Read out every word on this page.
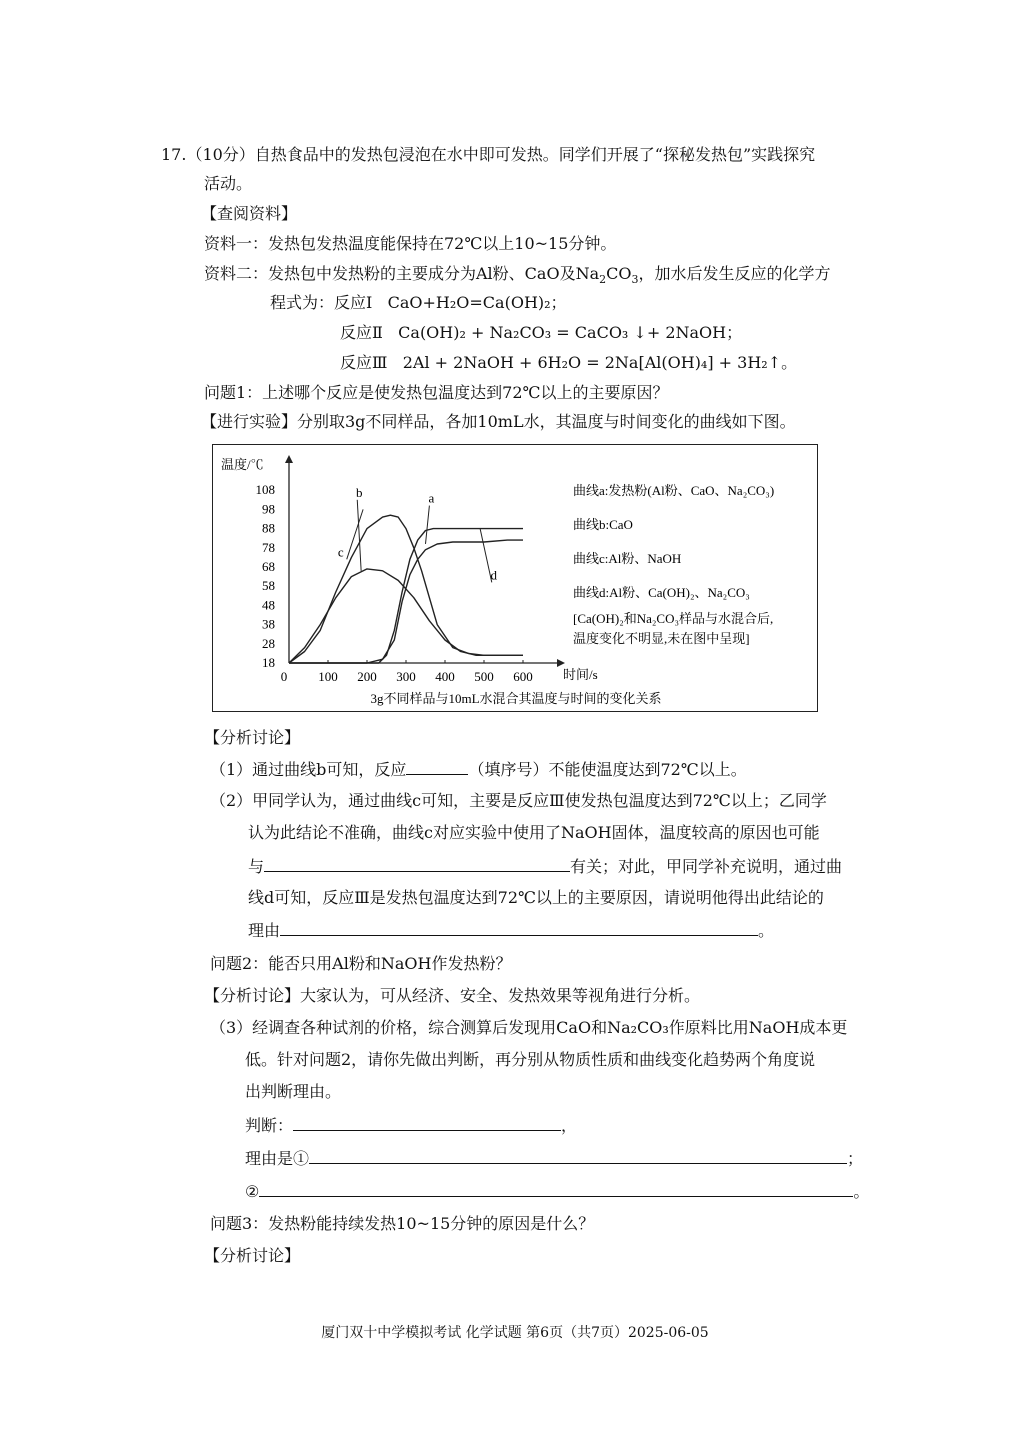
17.（10分）自热食品中的发热包浸泡在水中即可发热。同学们开展了“探秘发热包”实践探究
活动。
【查阅资料】
资料一：发热包发热温度能保持在72℃以上10~15分钟。
资料二：发热包中发热粉的主要成分为Al粉、CaO及$Na_2CO_3$，加水后发生反应的化学方
程式为：反应Ⅰ CaO+H₂O=Ca(OH)₂；
反应Ⅱ Ca(OH)₂ + Na₂CO₃ = CaCO₃ ↓+ 2NaOH；
反应Ⅲ 2Al + 2NaOH + 6H₂O = 2Na[Al(OH)₄] + 3H₂↑。
问题1：上述哪个反应是使发热包温度达到72℃以上的主要原因？
【进行实验】分别取3g不同样品，各加10mL水，其温度与时间变化的曲线如下图。
温度/℃
时间/s
18
28
38
48
58
68
78
88
98
108
0 100 200 300 400 500 600
a
b
c
d
曲线a:发热粉(Al粉、CaO、Na₂CO₃)
曲线b:CaO
曲线c:Al粉、NaOH
曲线d:Al粉、Ca(OH)₂、Na₂CO₃
[Ca(OH)₂和Na₂CO₃样品与水混合后,
温度变化不明显,未在图中呈现]
3g不同样品与10mL水混合其温度与时间的变化关系
【分析讨论】
（1）通过曲线b可知，反应	（填序号）不能使温度达到72℃以上。
（2）甲同学认为，通过曲线c可知，主要是反应Ⅲ使发热包温度达到72℃以上；乙同学
认为此结论不准确，曲线c对应实验中使用了NaOH固体，温度较高的原因也可能
与	有关；对此，甲同学补充说明，通过曲
线d可知，反应Ⅲ是发热包温度达到72℃以上的主要原因，请说明他得出此结论的
理由	。
问题2：能否只用Al粉和NaOH作发热粉？
【分析讨论】大家认为，可从经济、安全、发热效果等视角进行分析。
（3）经调查各种试剂的价格，综合测算后发现用CaO和Na₂CO₃作原料比用NaOH成本更
低。针对问题2，请你先做出判断，再分别从物质性质和曲线变化趋势两个角度说
出判断理由。
判断：	，
理由是①	；
②	。
问题3：发热粉能持续发热10~15分钟的原因是什么？
【分析讨论】
厦门双十中学模拟考试 化学试题 第6页（共7页）2025-06-05
